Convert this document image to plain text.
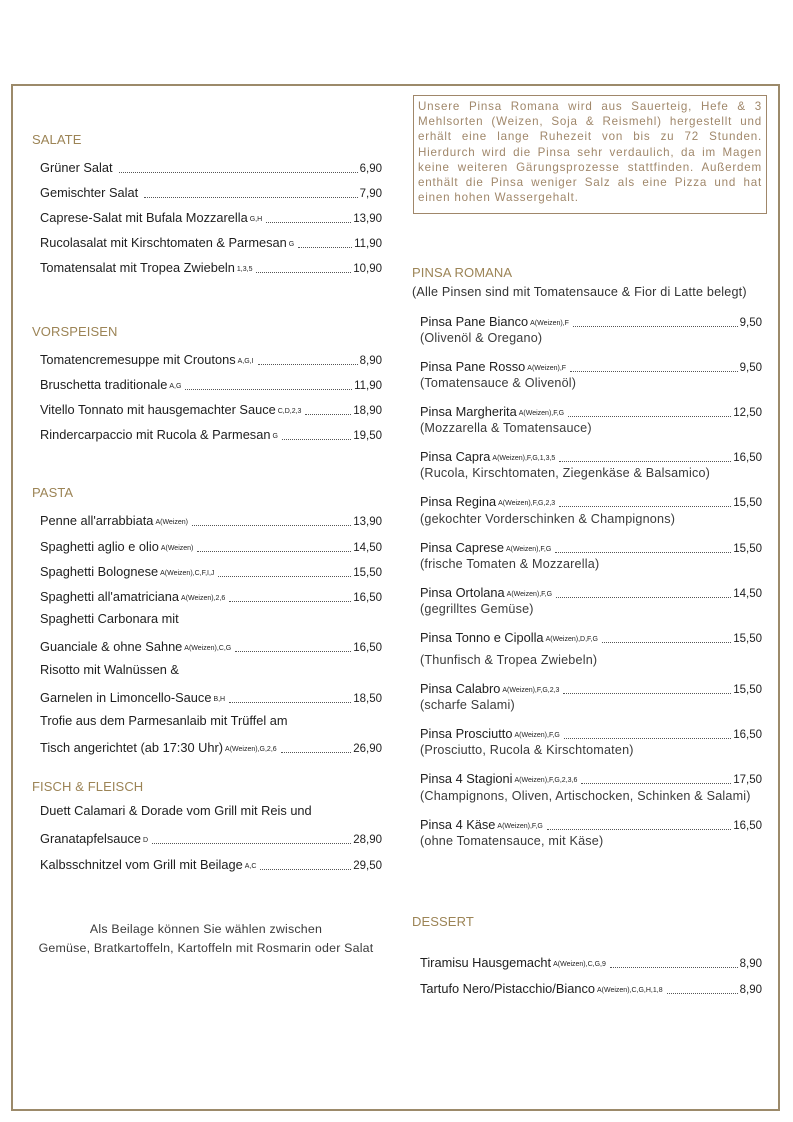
Unsere Pinsa Romana wird aus Sauerteig, Hefe & 3 Mehlsorten (Weizen, Soja & Reismehl) hergestellt und erhält eine lange Ruhezeit von bis zu 72 Stunden. Hierdurch wird die Pinsa sehr verdaulich, da im Magen keine weiteren Gärungsprozesse stattfinden. Außerdem enthält die Pinsa weniger Salz als eine Pizza und hat einen hohen Wassergehalt.
SALATE
Grüner Salat	6,90
Gemischter Salat	7,90
Caprese-Salat mit Bufala Mozzarella $^{G,H}$	13,90
Rucolasalat mit Kirschtomaten & Parmesan $^G$	11,90
Tomatensalat mit Tropea Zwiebeln $^{1,3,5}$	10,90
VORSPEISEN
Tomatencremesuppe mit Croutons $^{A,G,I}$	8,90
Bruschetta traditionale $^{A,G}$	11,90
Vitello Tonnato mit hausgemachter Sauce $^{C,D,2,3}$	18,90
Rindercarpaccio mit Rucola & Parmesan $^G$	19,50
PASTA
Penne all'arrabbiata $^{A(Weizen)}$	13,90
Spaghetti aglio e olio $^{A(Weizen)}$	14,50
Spaghetti Bolognese $^{A(Weizen),C,F,I,J}$	15,50
Spaghetti all'amatriciana $^{A(Weizen),2,6}$	16,50
Spaghetti Carbonara mit
Guanciale & ohne Sahne $^{A(Weizen),C,G}$	16,50
Risotto mit Walnüssen &
Garnelen in Limoncello-Sauce $^{B,H}$	18,50
Trofie aus dem Parmesanlaib mit Trüffel am
Tisch angerichtet (ab 17:30 Uhr) $^{A(Weizen),G,2,6}$	26,90
FISCH & FLEISCH
Duett Calamari & Dorade vom Grill mit Reis und
Granatapfelsauce $^D$	28,90
Kalbsschnitzel vom Grill mit Beilage $^{A,C}$	29,50
Als Beilage können Sie wählen zwischen
Gemüse, Bratkartoffeln, Kartoffeln mit Rosmarin oder Salat
PINSA ROMANA
(Alle Pinsen sind mit Tomatensauce & Fior di Latte belegt)
Pinsa Pane Bianco $^{A(Weizen),F}$	9,50
(Olivenöl & Oregano)
Pinsa Pane Rosso $^{A(Weizen),F}$	9,50
(Tomatensauce & Olivenöl)
Pinsa Margherita $^{A(Weizen),F,G}$	12,50
(Mozzarella & Tomatensauce)
Pinsa Capra $^{A(Weizen),F,G,1,3,5}$	16,50
(Rucola, Kirschtomaten, Ziegenkäse & Balsamico)
Pinsa Regina $^{A(Weizen),F,G,2,3}$	15,50
(gekochter Vorderschinken & Champignons)
Pinsa Caprese $^{A(Weizen),F,G}$	15,50
(frische Tomaten & Mozzarella)
Pinsa Ortolana $^{A(Weizen),F,G}$	14,50
(gegrilltes Gemüse)
Pinsa Tonno e Cipolla $^{A(Weizen),D,F,G}$	15,50
(Thunfisch & Tropea Zwiebeln)
Pinsa Calabro $^{A(Weizen),F,G,2,3}$	15,50
(scharfe Salami)
Pinsa Prosciutto $^{A(Weizen),F,G}$	16,50
(Prosciutto, Rucola & Kirschtomaten)
Pinsa 4 Stagioni $^{A(Weizen),F,G,2,3,6}$	17,50
(Champignons, Oliven, Artischocken, Schinken & Salami)
Pinsa 4 Käse $^{A(Weizen),F,G}$	16,50
(ohne Tomatensauce, mit Käse)
DESSERT
Tiramisu Hausgemacht $^{A(Weizen),C,G,9}$	8,90
Tartufo Nero/Pistacchio/Bianco $^{A(Weizen),C,G,H,1,8}$	8,90
